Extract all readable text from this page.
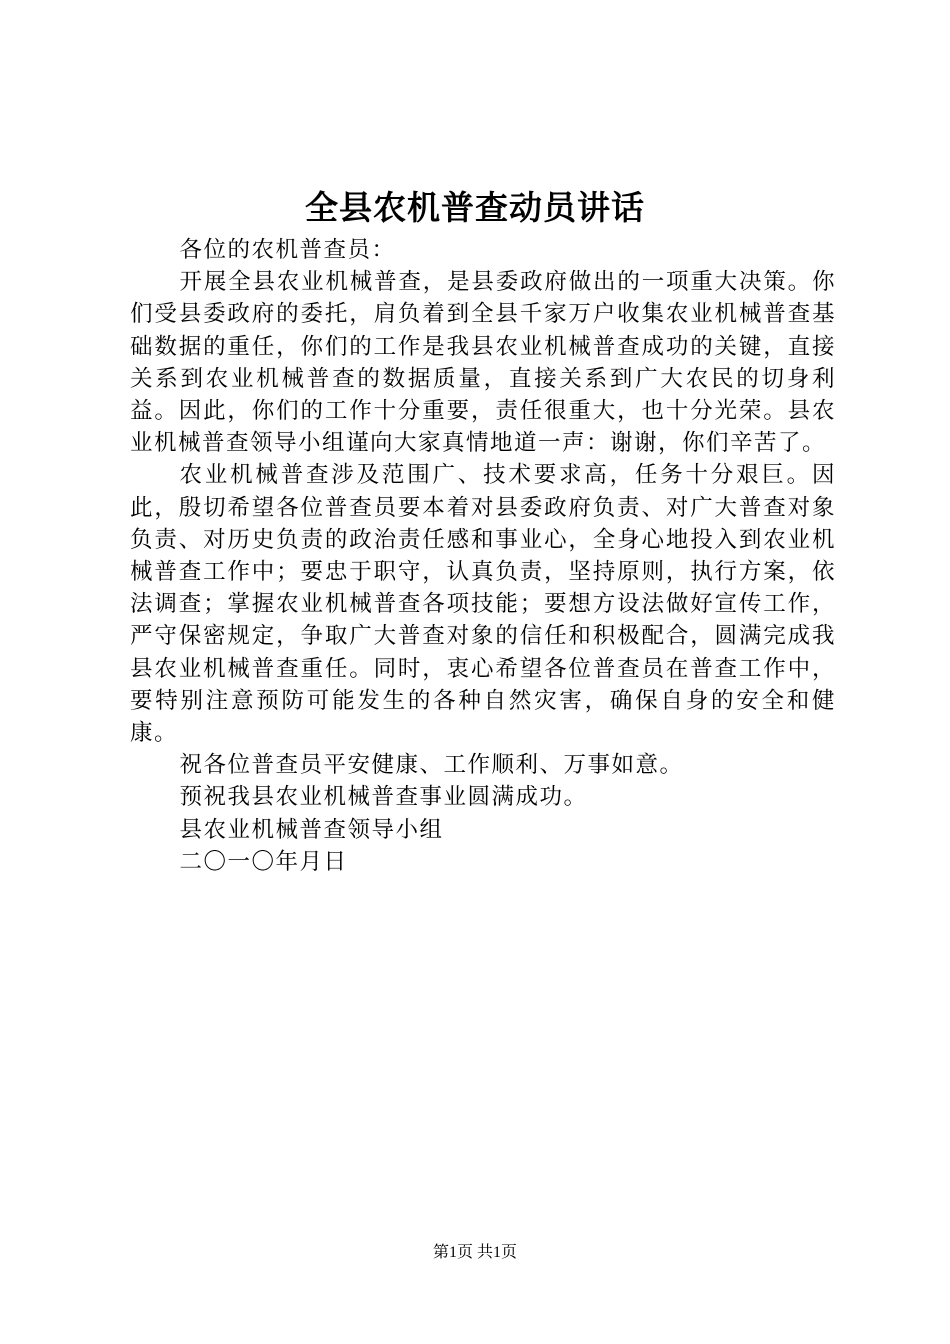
全县农机普查动员讲话

各位的农机普查员：

开展全县农业机械普查，是县委政府做出的一项重大决策。你们受县委政府的委托，肩负着到全县千家万户收集农业机械普查基础数据的重任，你们的工作是我县农业机械普查成功的关键，直接关系到农业机械普查的数据质量，直接关系到广大农民的切身利益。因此，你们的工作十分重要，责任很重大，也十分光荣。县农业机械普查领导小组谨向大家真情地道一声：谢谢，你们辛苦了。

农业机械普查涉及范围广、技术要求高，任务十分艰巨。因此，殷切希望各位普查员要本着对县委政府负责、对广大普查对象负责、对历史负责的政治责任感和事业心，全身心地投入到农业机械普查工作中；要忠于职守，认真负责，坚持原则，执行方案，依法调查；掌握农业机械普查各项技能；要想方设法做好宣传工作，严守保密规定，争取广大普查对象的信任和积极配合，圆满完成我县农业机械普查重任。同时，衷心希望各位普查员在普查工作中，要特别注意预防可能发生的各种自然灾害，确保自身的安全和健康。

祝各位普查员平安健康、工作顺利、万事如意。

预祝我县农业机械普查事业圆满成功。

县农业机械普查领导小组

二〇一〇年月日

第1页 共1页
